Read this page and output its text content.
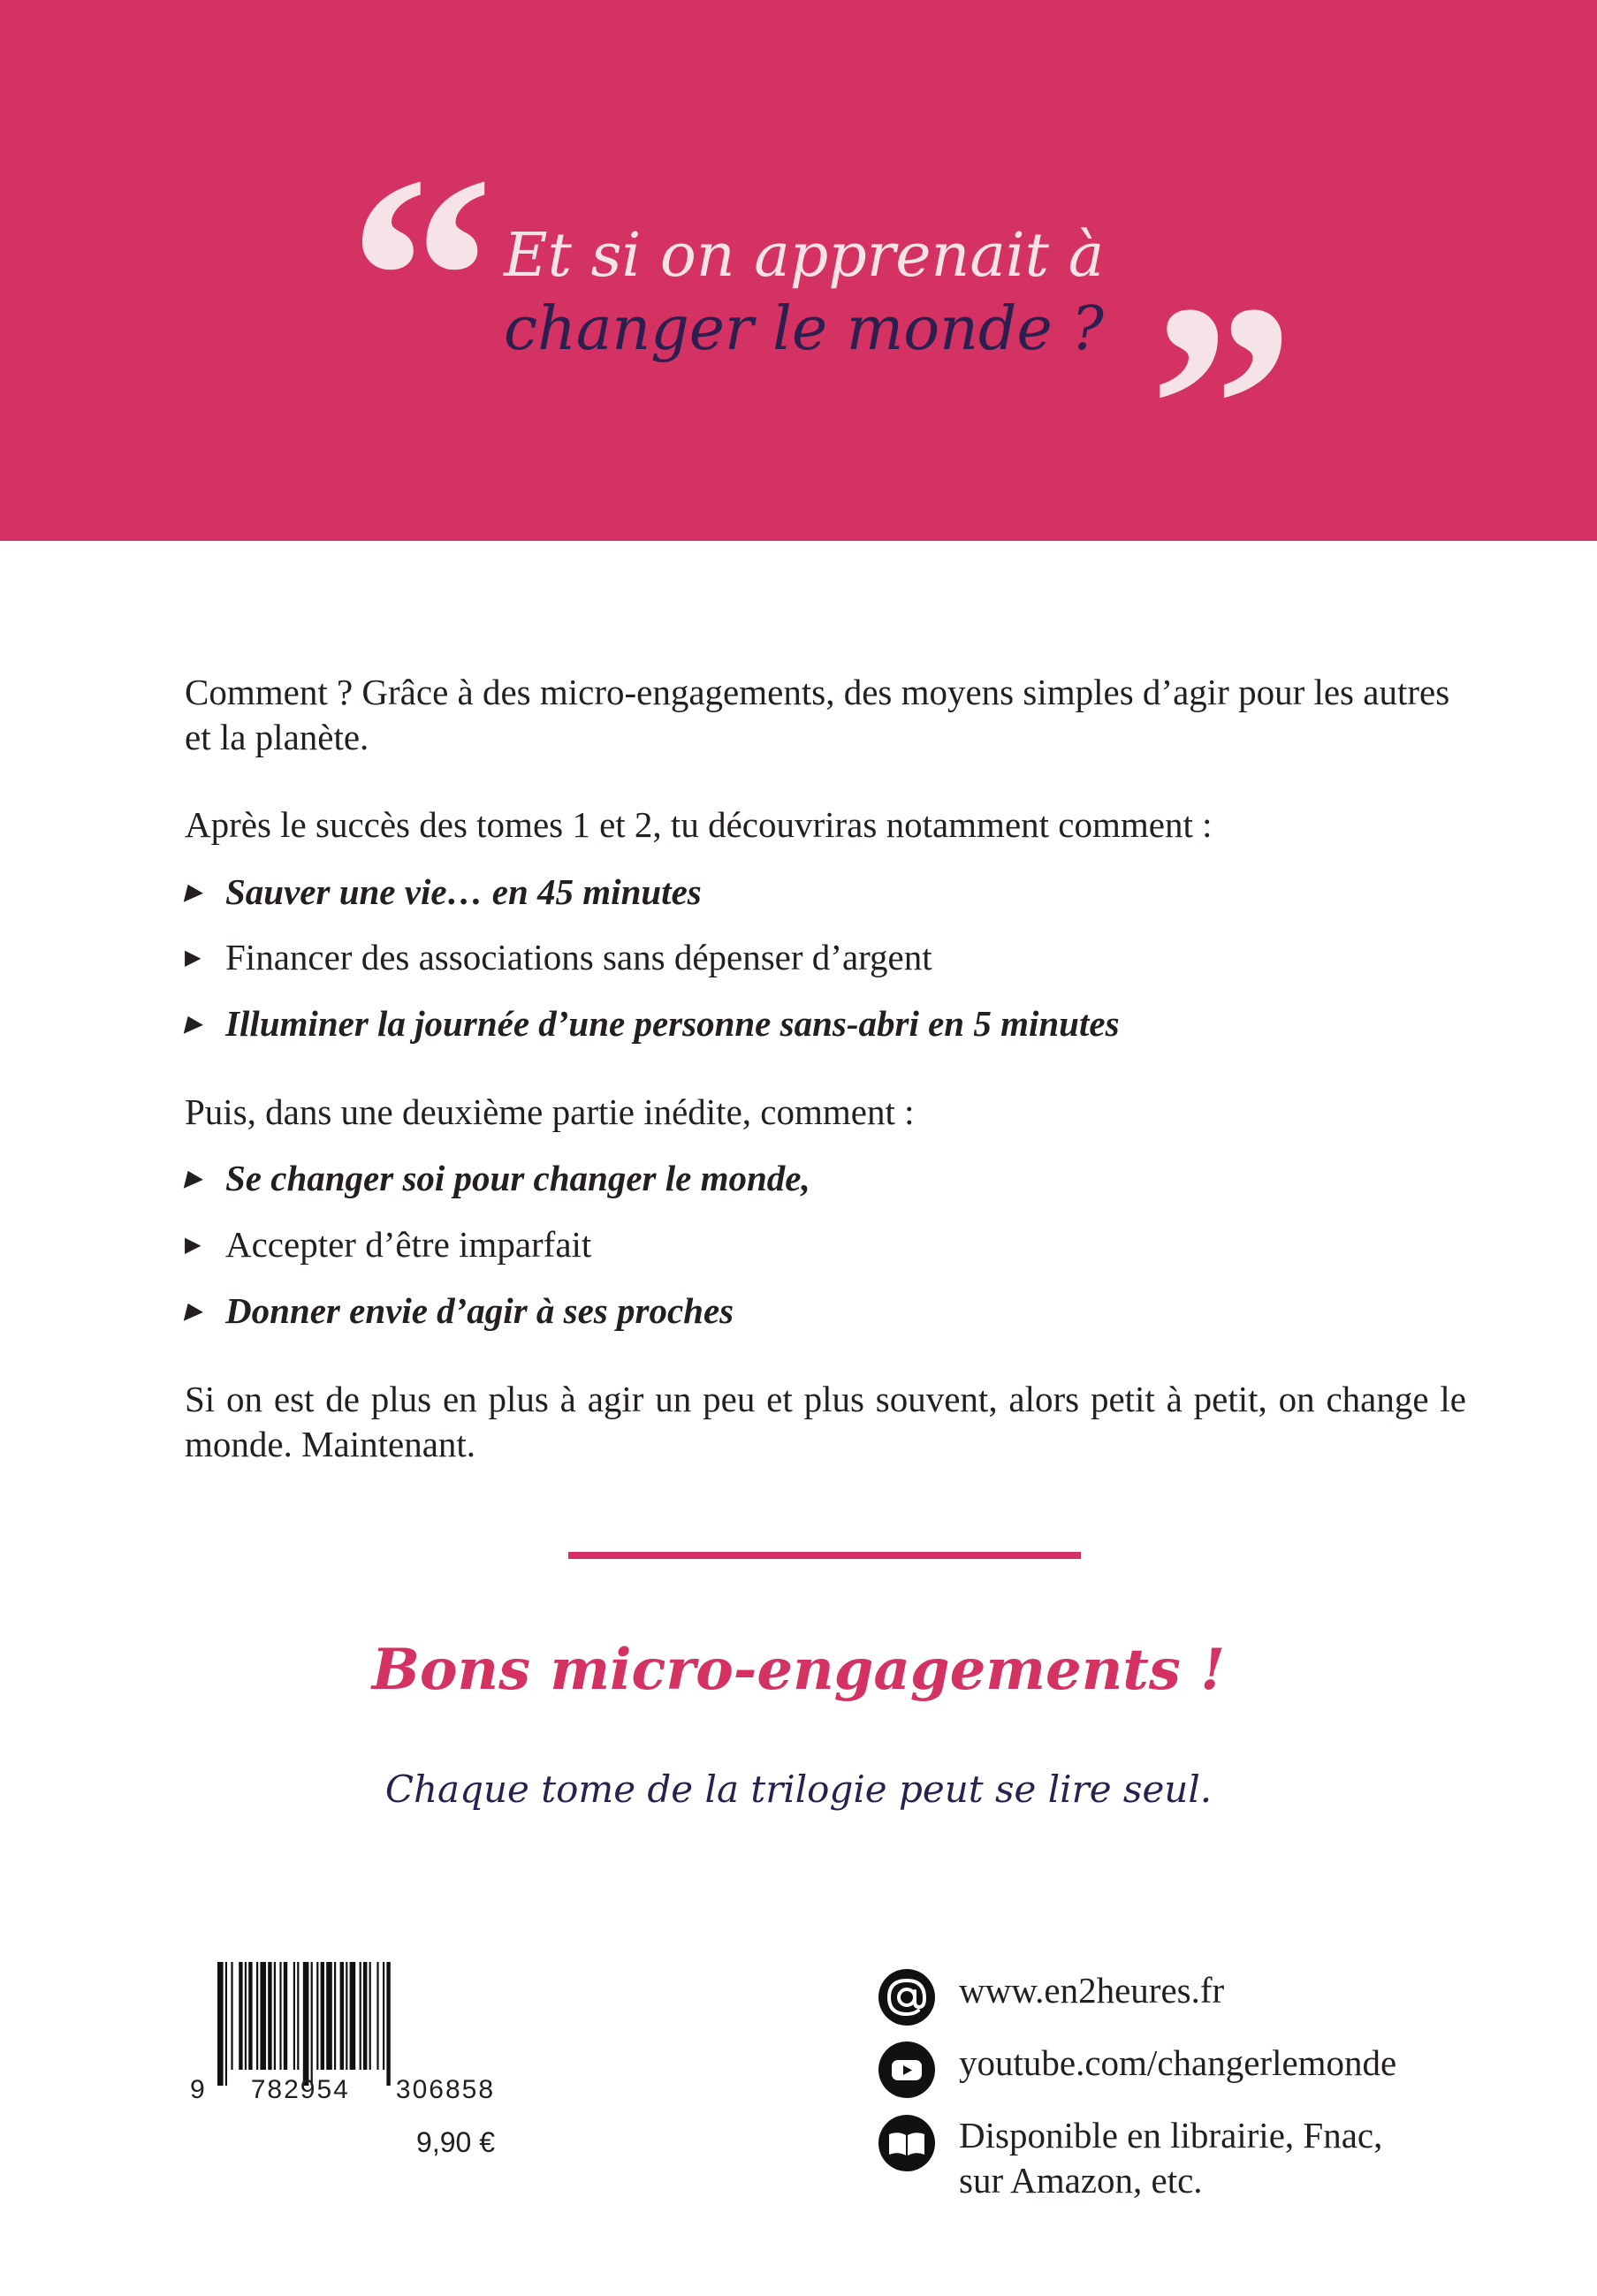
“ Et si on apprenait à
changer le monde ? ”
Comment ? Grâce à des micro-engagements, des moyens simples d’agir pour les autres et la planète.
Après le succès des tomes 1 et 2, tu découvriras notamment comment :
▶ Sauver une vie… en 45 minutes
▶ Financer des associations sans dépenser d’argent
▶ Illuminer la journée d’une personne sans-abri en 5 minutes
Puis, dans une deuxième partie inédite, comment :
▶ Se changer soi pour changer le monde,
▶ Accepter d’être imparfait
▶ Donner envie d’agir à ses proches
Si on est de plus en plus à agir un peu et plus souvent, alors petit à petit, on change le monde. Maintenant.
Bons micro-engagements !
Chaque tome de la trilogie peut se lire seul.
9 782954 306858
9,90 €
www.en2heures.fr
youtube.com/changerlemonde
Disponible en librairie, Fnac,
sur Amazon, etc.
